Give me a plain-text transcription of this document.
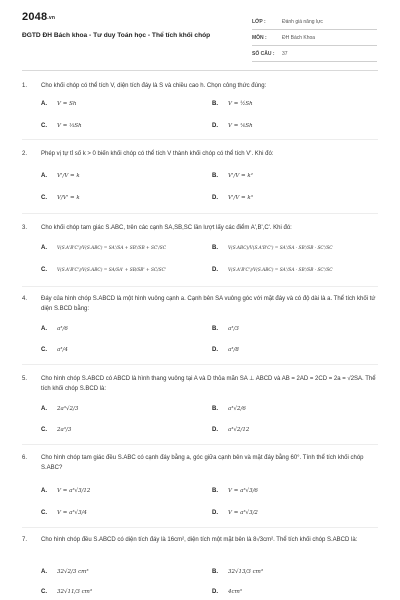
2048.vn
ĐGTD ĐH Bách khoa - Tư duy Toán học - Thể tích khối chóp
LỚP :	Đánh giá năng lực
MÔN :	ĐH Bách Khoa
SỐ CÂU :	37
1. Cho khối chóp có thể tích V, diện tích đáy là S và chiều cao h. Chọn công thức đúng:
A. V = Sh	B. V = ½Sh
C. V = ⅓Sh	D. V = ⅙Sh
2. Phép vị tự tỉ số k > 0 biến khối chóp có thể tích V thành khối chóp có thể tích V'. Khi đó:
A. V'/V = k	B. V'/V = k²
C. V/V' = k	D. V'/V = k³
3. Cho khối chóp tam giác S.ABC, trên các cạnh SA,SB,SC lần lượt lấy các điểm A',B',C'. Khi đó:
A. V(S.A'B'C')/V(S.ABC) = SA'/SA + SB'/SB + SC'/SC	B. V(S.ABC)/V(S.A'B'C') = SA'/SA · SB'/SB · SC'/SC
C. V(S.A'B'C')/V(S.ABC) = SA/SA' + SB/SB' + SC/SC'	D. V(S.A'B'C')/V(S.ABC) = SA'/SA · SB'/SB · SC'/SC
4. Đáy của hình chóp S.ABCD là một hình vuông cạnh a. Cạnh bên SA vuông góc với mặt đáy và có độ dài là a. Thể tích khối tứ diện S.BCD bằng:
A. a³/6	B. a³/3
C. a³/4	D. a³/8
5. Cho hình chóp S.ABCD có ABCD là hình thang vuông tại A và D thỏa mãn SA ⊥ ABCD và AB = 2AD = 2CD = 2a = √2SA. Thể tích khối chóp S.BCD là:
A. 2a³√2/3	B. a³√2/6
C. 2a³/3	D. a³√2/12
6. Cho hình chóp tam giác đều S.ABC có cạnh đáy bằng a, góc giữa cạnh bên và mặt đáy bằng 60°. Tính thể tích khối chóp S.ABC?
A. V = a³√3/12	B. V = a³√3/6
C. V = a³√3/4	D. V = a³√3/2
7. Cho hình chóp đều S.ABCD có diện tích đáy là 16cm², diện tích một mặt bên là 8√3cm². Thể tích khối chóp S.ABCD là:
A. 32√2/3 cm³	B. 32√13/3 cm³
C. 32√11/3 cm³	D. 4cm³
